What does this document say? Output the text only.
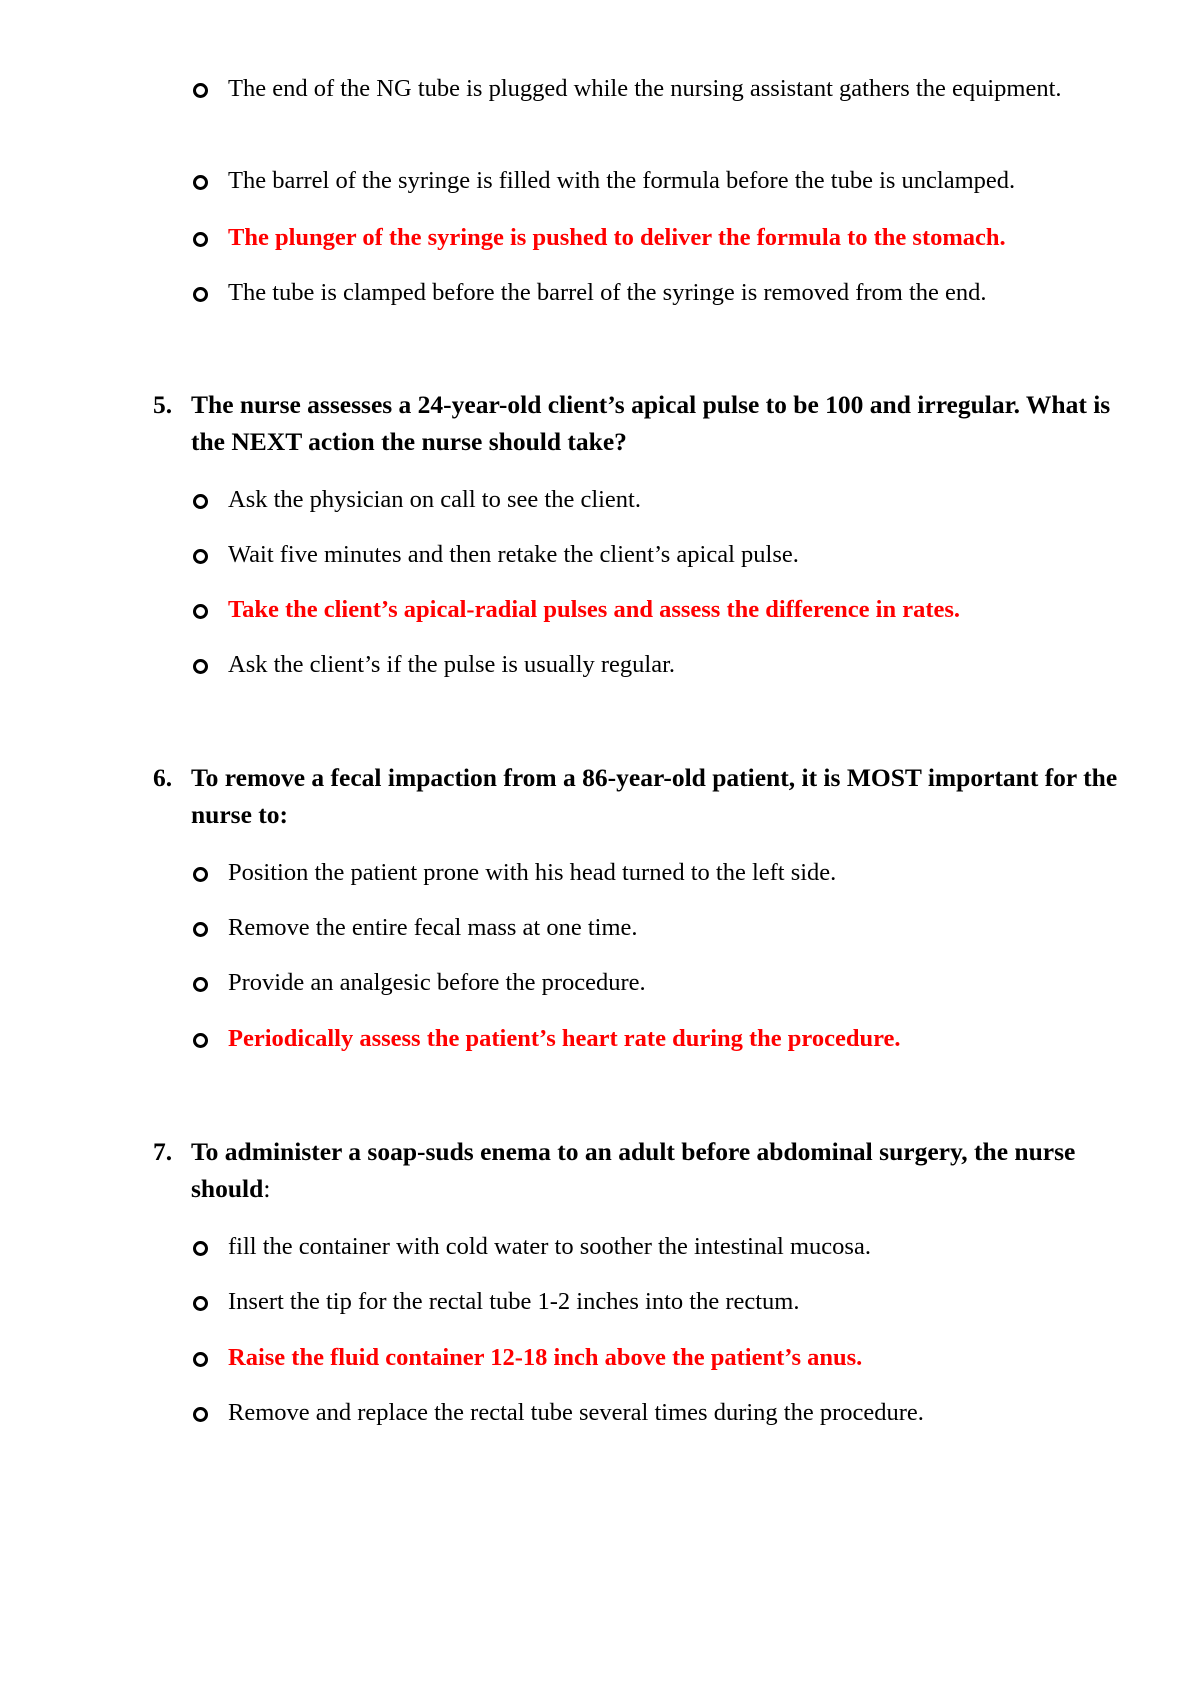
The end of the NG tube is plugged while the nursing assistant gathers the equipment.
The barrel of the syringe is filled with the formula before the tube is unclamped.
The plunger of the syringe is pushed to deliver the formula to the stomach.
The tube is clamped before the barrel of the syringe is removed from the end.
5. The nurse assesses a 24-year-old client’s apical pulse to be 100 and irregular. What is the NEXT action the nurse should take?
Ask the physician on call to see the client.
Wait five minutes and then retake the client’s apical pulse.
Take the client’s apical-radial pulses and assess the difference in rates.
Ask the client’s if the pulse is usually regular.
6. To remove a fecal impaction from a 86-year-old patient, it is MOST important for the nurse to:
Position the patient prone with his head turned to the left side.
Remove the entire fecal mass at one time.
Provide an analgesic before the procedure.
Periodically assess the patient’s heart rate during the procedure.
7. To administer a soap-suds enema to an adult before abdominal surgery, the nurse should:
fill the container with cold water to soother the intestinal mucosa.
Insert the tip for the rectal tube 1-2 inches into the rectum.
Raise the fluid container 12-18 inch above the patient’s anus.
Remove and replace the rectal tube several times during the procedure.
